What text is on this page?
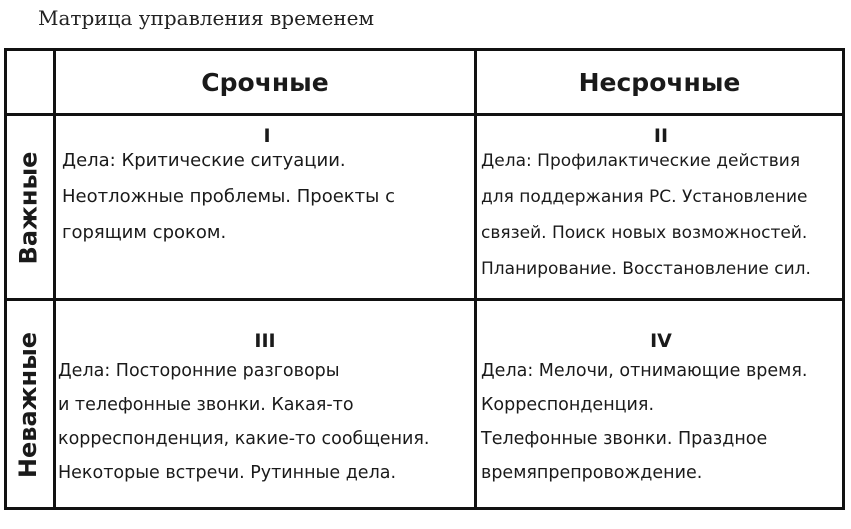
Матрица управления временем
Срочные	Несрочные
Важные
Неважные
I
Дела: Критические ситуации.
Неотложные проблемы. Проекты с
горящим сроком.
II
Дела: Профилактические действия
для поддержания РС. Установление
связей. Поиск новых возможностей.
Планирование. Восстановление сил.
III
Дела: Посторонние разговоры
и телефонные звонки. Какая-то
корреспонденция, какие-то сообщения.
Некоторые встречи. Рутинные дела.
IV
Дела: Мелочи, отнимающие время.
Корреспонденция.
Телефонные звонки. Праздное
времяпрепровождение.
